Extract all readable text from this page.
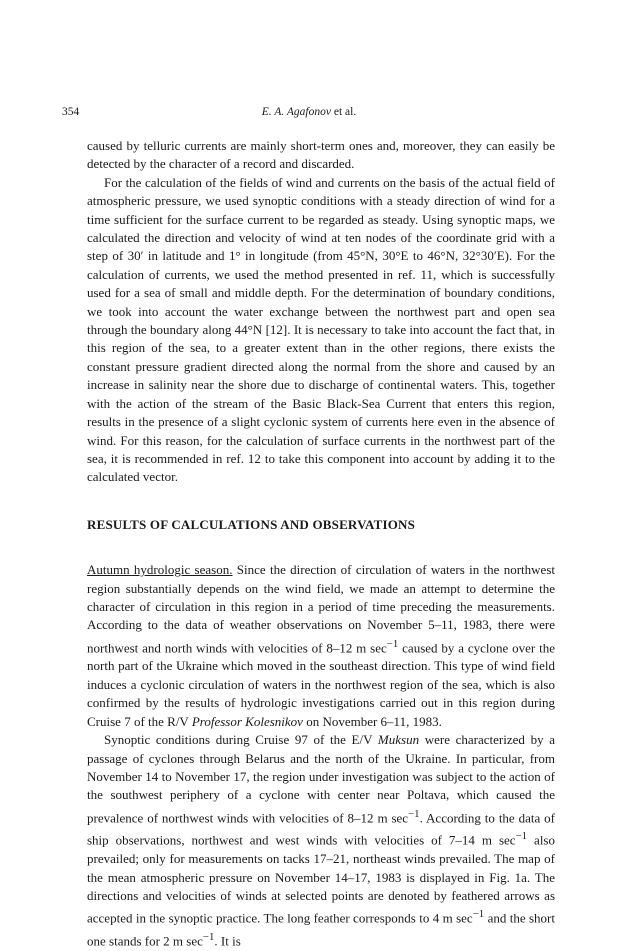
354	E. A. Agafonov et al.

caused by telluric currents are mainly short-term ones and, moreover, they can easily be detected by the character of a record and discarded.

For the calculation of the fields of wind and currents on the basis of the actual field of atmospheric pressure, we used synoptic conditions with a steady direction of wind for a time sufficient for the surface current to be regarded as steady. Using synoptic maps, we calculated the direction and velocity of wind at ten nodes of the coordinate grid with a step of 30′ in latitude and 1° in longitude (from 45°N, 30°E to 46°N, 32°30′E). For the calculation of currents, we used the method presented in ref. 11, which is successfully used for a sea of small and middle depth. For the determination of boundary conditions, we took into account the water exchange between the northwest part and open sea through the boundary along 44°N [12]. It is necessary to take into account the fact that, in this region of the sea, to a greater extent than in the other regions, there exists the constant pressure gradient directed along the normal from the shore and caused by an increase in salinity near the shore due to discharge of continental waters. This, together with the action of the stream of the Basic Black-Sea Current that enters this region, results in the presence of a slight cyclonic system of currents here even in the absence of wind. For this reason, for the calculation of surface currents in the northwest part of the sea, it is recommended in ref. 12 to take this component into account by adding it to the calculated vector.

RESULTS OF CALCULATIONS AND OBSERVATIONS

Autumn hydrologic season. Since the direction of circulation of waters in the northwest region substantially depends on the wind field, we made an attempt to determine the character of circulation in this region in a period of time preceding the measurements. According to the data of weather observations on November 5–11, 1983, there were northwest and north winds with velocities of 8–12 m $\sec^{-1}$ caused by a cyclone over the north part of the Ukraine which moved in the southeast direction. This type of wind field induces a cyclonic circulation of waters in the northwest region of the sea, which is also confirmed by the results of hydrologic investigations carried out in this region during Cruise 7 of the R/V Professor Kolesnikov on November 6–11, 1983.

Synoptic conditions during Cruise 97 of the E/V Muksun were characterized by a passage of cyclones through Belarus and the north of the Ukraine. In particular, from November 14 to November 17, the region under investigation was subject to the action of the southwest periphery of a cyclone with center near Poltava, which caused the prevalence of northwest winds with velocities of 8–12 m $\sec^{-1}$. According to the data of ship observations, northwest and west winds with velocities of 7–14 m $\sec^{-1}$ also prevailed; only for measurements on tacks 17–21, northeast winds prevailed. The map of the mean atmospheric pressure on November 14–17, 1983 is displayed in Fig. 1a. The directions and velocities of winds at selected points are denoted by feathered arrows as accepted in the synoptic practice. The long feather corresponds to 4 m $\sec^{-1}$ and the short one stands for 2 m $\sec^{-1}$. It is
